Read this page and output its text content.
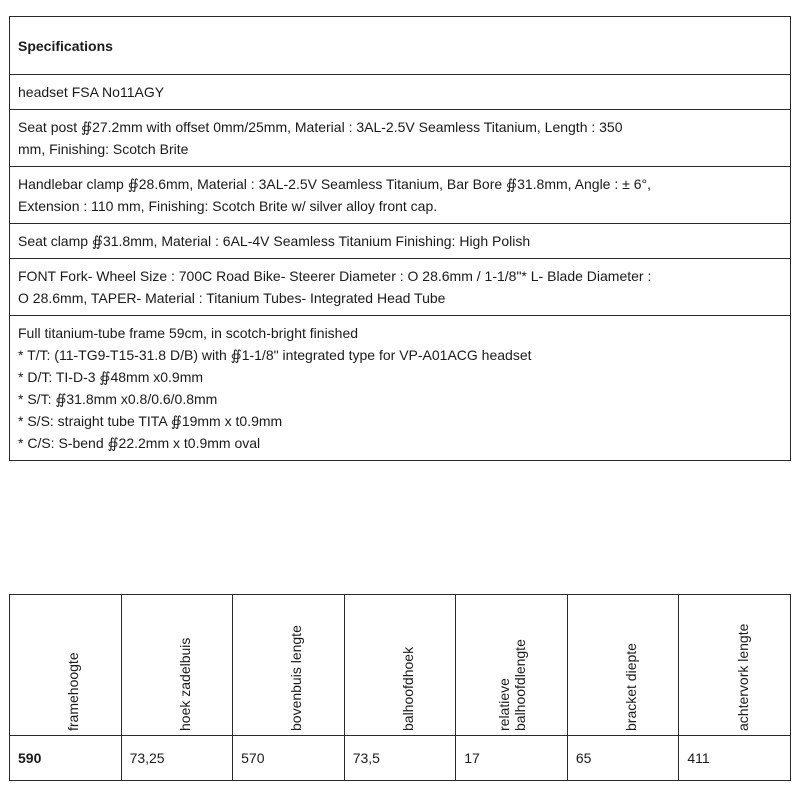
Specifications

headset FSA No11AGY

Seat post ∯27.2mm with offset 0mm/25mm, Material : 3AL-2.5V Seamless Titanium, Length : 350
mm, Finishing: Scotch Brite

Handlebar clamp ∯28.6mm, Material : 3AL-2.5V Seamless Titanium, Bar Bore ∯31.8mm, Angle : ± 6°,
Extension : 110 mm, Finishing: Scotch Brite w/ silver alloy front cap.

Seat clamp ∯31.8mm, Material : 6AL-4V Seamless Titanium Finishing: High Polish

FONT Fork- Wheel Size : 700C Road Bike- Steerer Diameter : O 28.6mm / 1-1/8"* L- Blade Diameter :
O 28.6mm, TAPER- Material : Titanium Tubes- Integrated Head Tube

Full titanium-tube frame 59cm, in scotch-bright finished
* T/T: (11-TG9-T15-31.8 D/B) with ∯1-1/8" integrated type for VP-A01ACG headset
* D/T: TI-D-3 ∯48mm x0.9mm
* S/T: ∯31.8mm x0.8/0.6/0.8mm
* S/S: straight tube TITA ∯19mm x t0.9mm
* C/S: S-bend ∯22.2mm x t0.9mm oval
framehoogte	hoek zadelbuis	bovenbuis lengte	balhoofdhoek	relatieve balhoofdlengte	bracket diepte	achtervork lengte

590	73,25	570	73,5	17	65	411
